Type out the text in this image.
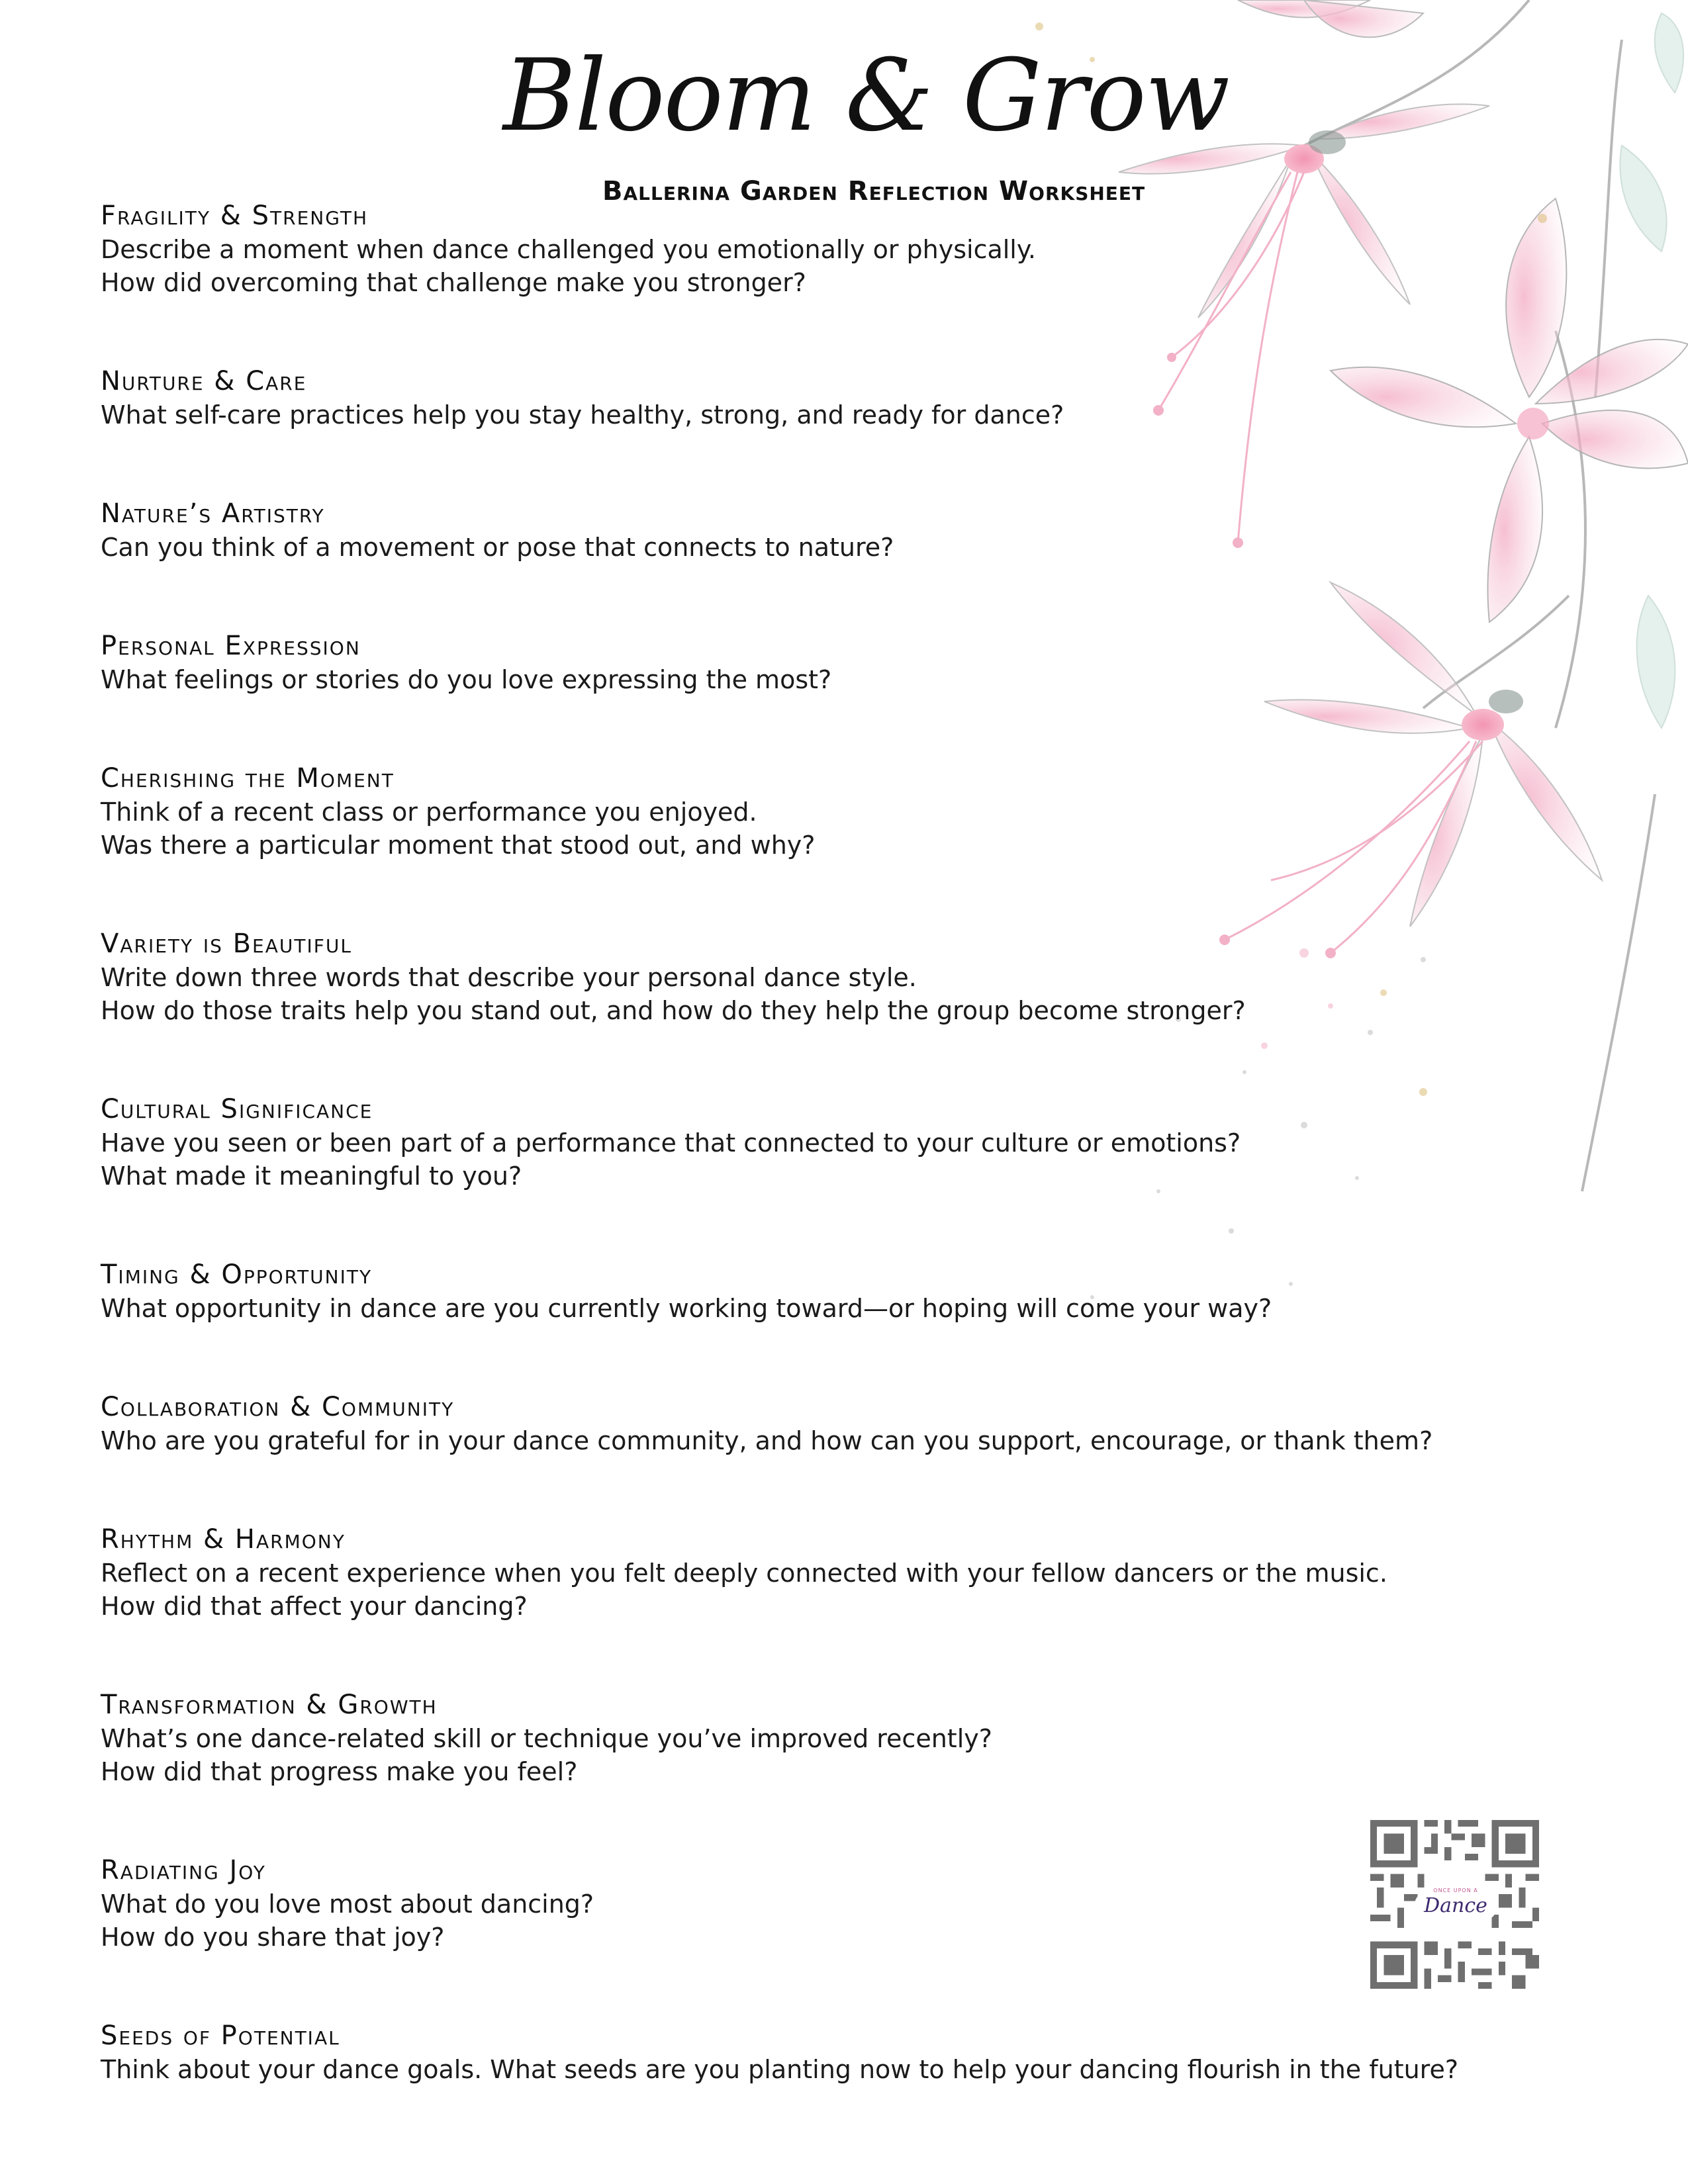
Bloom & Grow
Ballerina Garden Reflection Worksheet
Fragility & Strength
Describe a moment when dance challenged you emotionally or physically.
How did overcoming that challenge make you stronger?
Nurture & Care
What self-care practices help you stay healthy, strong, and ready for dance?
Nature’s Artistry
Can you think of a movement or pose that connects to nature?
Personal Expression
What feelings or stories do you love expressing the most?
Cherishing the Moment
Think of a recent class or performance you enjoyed.
Was there a particular moment that stood out, and why?
Variety is Beautiful
Write down three words that describe your personal dance style.
How do those traits help you stand out, and how do they help the group become stronger?
Cultural Significance
Have you seen or been part of a performance that connected to your culture or emotions?
What made it meaningful to you?
Timing & Opportunity
What opportunity in dance are you currently working toward—or hoping will come your way?
Collaboration & Community
Who are you grateful for in your dance community, and how can you support, encourage, or thank them?
Rhythm & Harmony
Reflect on a recent experience when you felt deeply connected with your fellow dancers or the music.
How did that affect your dancing?
Transformation & Growth
What’s one dance-related skill or technique you’ve improved recently?
How did that progress make you feel?
Radiating Joy
What do you love most about dancing?
How do you share that joy?
Seeds of Potential
Think about your dance goals. What seeds are you planting now to help your dancing flourish in the future?
Dance
ONCE UPON A
